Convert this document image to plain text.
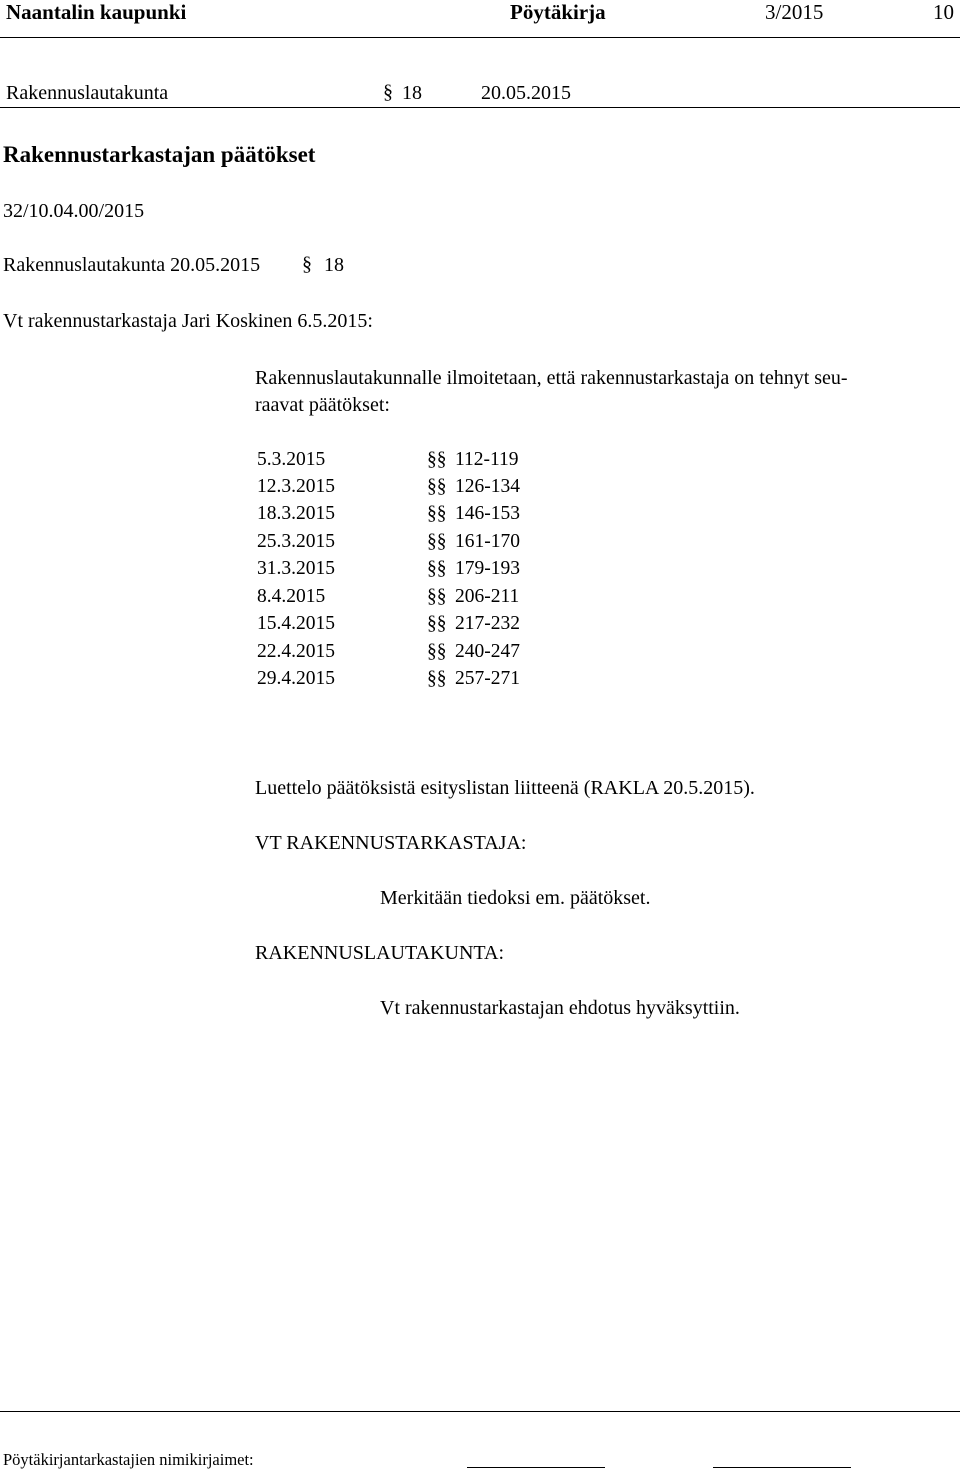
Naantalin kaupunki	Pöytäkirja	3/2015	10
Rakennuslautakunta	§ 18	20.05.2015
Rakennustarkastajan päätökset
32/10.04.00/2015
Rakennuslautakunta 20.05.2015 § 18
Vt rakennustarkastaja Jari Koskinen 6.5.2015:
Rakennuslautakunnalle ilmoitetaan, että rakennustarkastaja on tehnyt seu-
raavat päätökset:
5.3.2015	§§ 112-119
12.3.2015	§§ 126-134
18.3.2015	§§ 146-153
25.3.2015	§§ 161-170
31.3.2015	§§ 179-193
8.4.2015	§§ 206-211
15.4.2015	§§ 217-232
22.4.2015	§§ 240-247
29.4.2015	§§ 257-271
Luettelo päätöksistä esityslistan liitteenä (RAKLA 20.5.2015).
VT RAKENNUSTARKASTAJA:
Merkitään tiedoksi em. päätökset.
RAKENNUSLAUTAKUNTA:
Vt rakennustarkastajan ehdotus hyväksyttiin.
Pöytäkirjantarkastajien nimikirjaimet:
